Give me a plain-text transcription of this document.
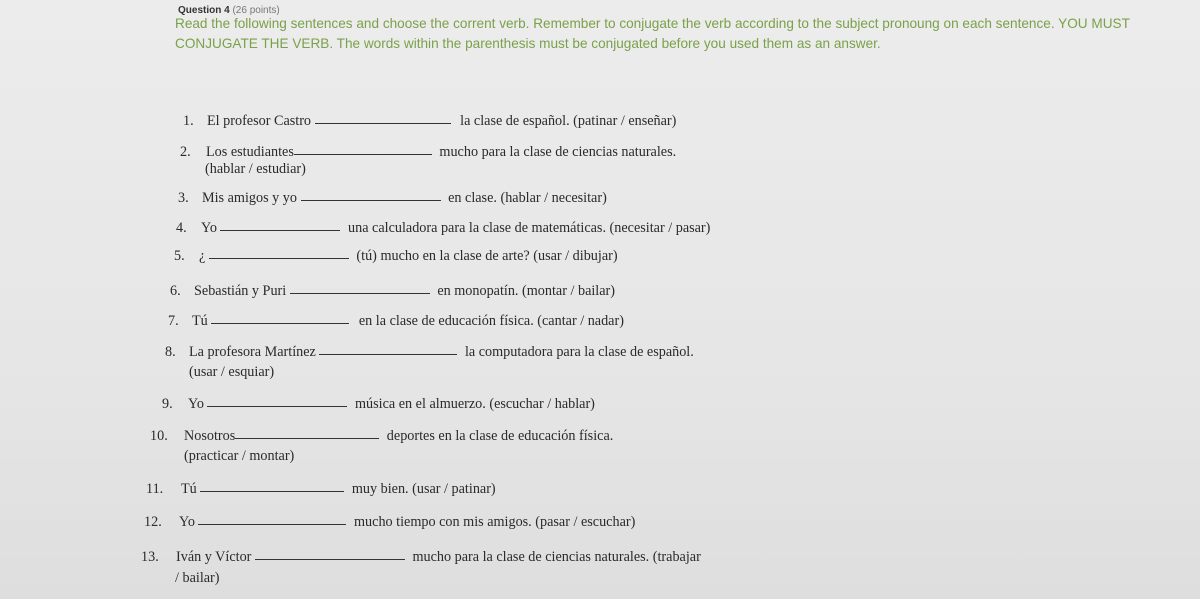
Question 4 (26 points)
Read the following sentences and choose the corrent verb. Remember to conjugate the verb according to the subject pronoung on each sentence. YOU MUST CONJUGATE THE VERB. The words within the parenthesis must be conjugated before you used them as an answer.
1. El profesor Castro	la clase de español. (patinar / enseñar)
2. Los estudiantes	mucho para la clase de ciencias naturales.
(hablar / estudiar)
3. Mis amigos y yo	en clase. (hablar / necesitar)
4. Yo	una calculadora para la clase de matemáticas. (necesitar / pasar)
5. ¿	(tú) mucho en la clase de arte? (usar / dibujar)
6. Sebastián y Puri	en monopatín. (montar / bailar)
7. Tú	en la clase de educación física. (cantar / nadar)
8. La profesora Martínez	la computadora para la clase de español.
(usar / esquiar)
9. Yo	música en el almuerzo. (escuchar / hablar)
10. Nosotros	deportes en la clase de educación física.
(practicar / montar)
11. Tú	muy bien. (usar / patinar)
12. Yo	mucho tiempo con mis amigos. (pasar / escuchar)
13. Iván y Víctor	mucho para la clase de ciencias naturales. (trabajar
/ bailar)
